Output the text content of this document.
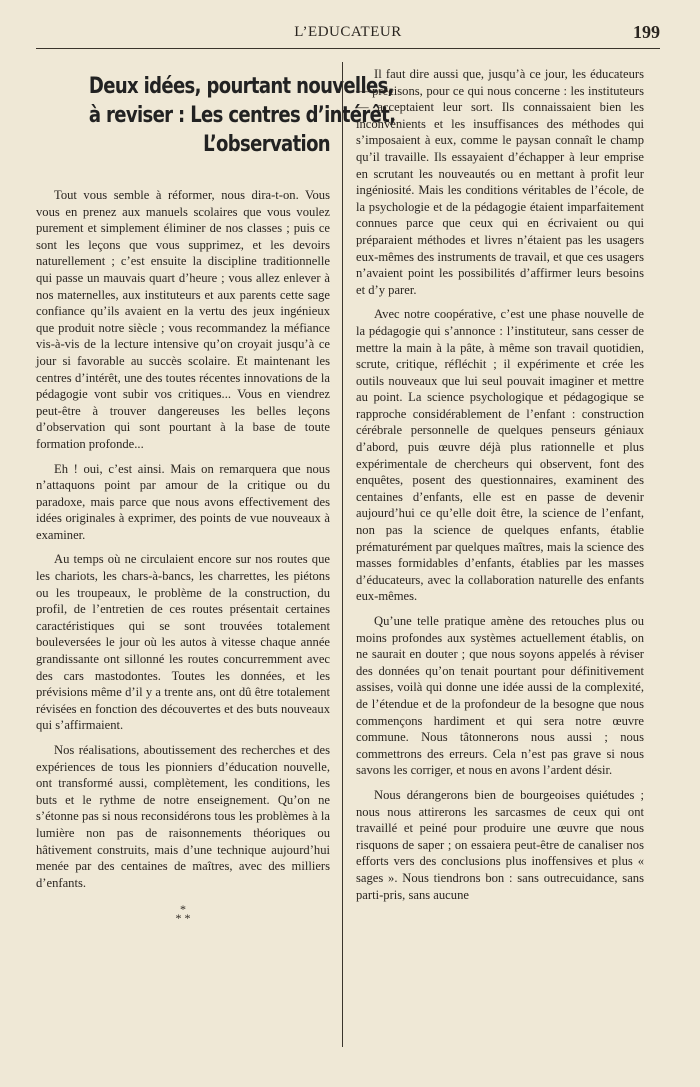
L’EDUCATEUR	199
Deux idées, pourtant nouvelles,
à reviser : Les centres d’intérêt,
L’observation

Tout vous semble à réformer, nous dira-t-on. Vous vous en prenez aux manuels scolaires que vous voulez purement et simplement éliminer de nos classes ; puis ce sont les leçons que vous supprimez, et les devoirs naturellement ; c’est ensuite la discipline traditionnelle qui passe un mauvais quart d’heure ; vous allez enlever à nos maternelles, aux instituteurs et aux parents cette sage confiance qu’ils avaient en la vertu des jeux ingénieux que produit notre siècle ; vous recommandez la méfiance vis-à-vis de la lecture intensive qu’on croyait jusqu’à ce jour si favorable au succès scolaire. Et maintenant les centres d’intérêt, une des toutes récentes innovations de la pédagogie vont subir vos critiques... Vous en viendrez peut-être à trouver dangereuses les belles leçons d’observation qui sont pourtant à la base de toute formation profonde...

Eh ! oui, c’est ainsi. Mais on remarquera que nous n’attaquons point par amour de la critique ou du paradoxe, mais parce que nous avons effectivement des idées originales à exprimer, des points de vue nouveaux à examiner.

Au temps où ne circulaient encore sur nos routes que les chariots, les chars-à-bancs, les charrettes, les piétons ou les troupeaux, le problème de la construction, du profil, de l’entretien de ces routes présentait certaines caractéristiques qui se sont trouvées totalement bouleversées le jour où les autos à vitesse chaque année grandissante ont sillonné les routes concurremment avec des cars mastodontes. Toutes les données, et les prévisions même d’il y a trente ans, ont dû être totalement révisées en fonction des découvertes et des buts nouveaux qui s’affirmaient.

Nos réalisations, aboutissement des recherches et des expériences de tous les pionniers d’éducation nouvelle, ont transformé aussi, complètement, les conditions, les buts et le rythme de notre enseignement. Qu’on ne s’étonne pas si nous reconsidérons tous les problèmes à la lumière non pas de raisonnements théoriques ou hâtivement construits, mais d’une technique aujourd’hui menée par des centaines de maîtres, avec des milliers d’enfants.

*
* *

Il faut dire aussi que, jusqu’à ce jour, les éducateurs — précisons, pour ce qui nous concerne : les instituteurs — acceptaient leur sort. Ils connaissaient bien les inconvénients et les insuffisances des méthodes qui s’imposaient à eux, comme le paysan connaît le champ qu’il travaille. Ils essayaient d’échapper à leur emprise en scrutant les nouveautés ou en mettant à profit leur ingéniosité. Mais les conditions véritables de l’école, de la psychologie et de la pédagogie étaient imparfaitement connues parce que ceux qui en écrivaient ou qui préparaient méthodes et livres n’étaient pas les usagers eux-mêmes des instruments de travail, et que ces usagers n’avaient point les possibilités d’affirmer leurs besoins et d’y parer.

Avec notre coopérative, c’est une phase nouvelle de la pédagogie qui s’annonce : l’instituteur, sans cesser de mettre la main à la pâte, à même son travail quotidien, scrute, critique, réfléchit ; il expérimente et crée les outils nouveaux que lui seul pouvait imaginer et mettre au point. La science psychologique et pédagogique se rapproche considérablement de l’enfant : construction cérébrale personnelle de quelques penseurs géniaux d’abord, puis œuvre déjà plus rationnelle et plus expérimentale de chercheurs qui observent, font des enquêtes, posent des questionnaires, examinent des centaines d’enfants, elle est en passe de devenir aujourd’hui ce qu’elle doit être, la science de l’enfant, non pas la science de quelques enfants, établie prématurément par quelques maîtres, mais la science des masses formidables d’enfants, établies par les masses d’éducateurs, avec la collaboration naturelle des enfants eux-mêmes.

Qu’une telle pratique amène des retouches plus ou moins profondes aux systèmes actuellement établis, on ne saurait en douter ; que nous soyons appelés à réviser des données qu’on tenait pourtant pour définitivement assises, voilà qui donne une idée aussi de la complexité, de l’étendue et de la profondeur de la besogne que nous commençons hardiment et qui sera notre œuvre commune. Nous tâtonnerons nous aussi ; nous commettrons des erreurs. Cela n’est pas grave si nous savons les corriger, et nous en avons l’ardent désir.

Nous dérangerons bien de bourgeoises quiétudes ; nous nous attirerons les sarcasmes de ceux qui ont travaillé et peiné pour produire une œuvre que nous risquons de saper ; on essaiera peut-être de canaliser nos efforts vers des conclusions plus inoffensives et plus « sages ». Nous tiendrons bon : sans outrecuidance, sans parti-pris, sans aucune
